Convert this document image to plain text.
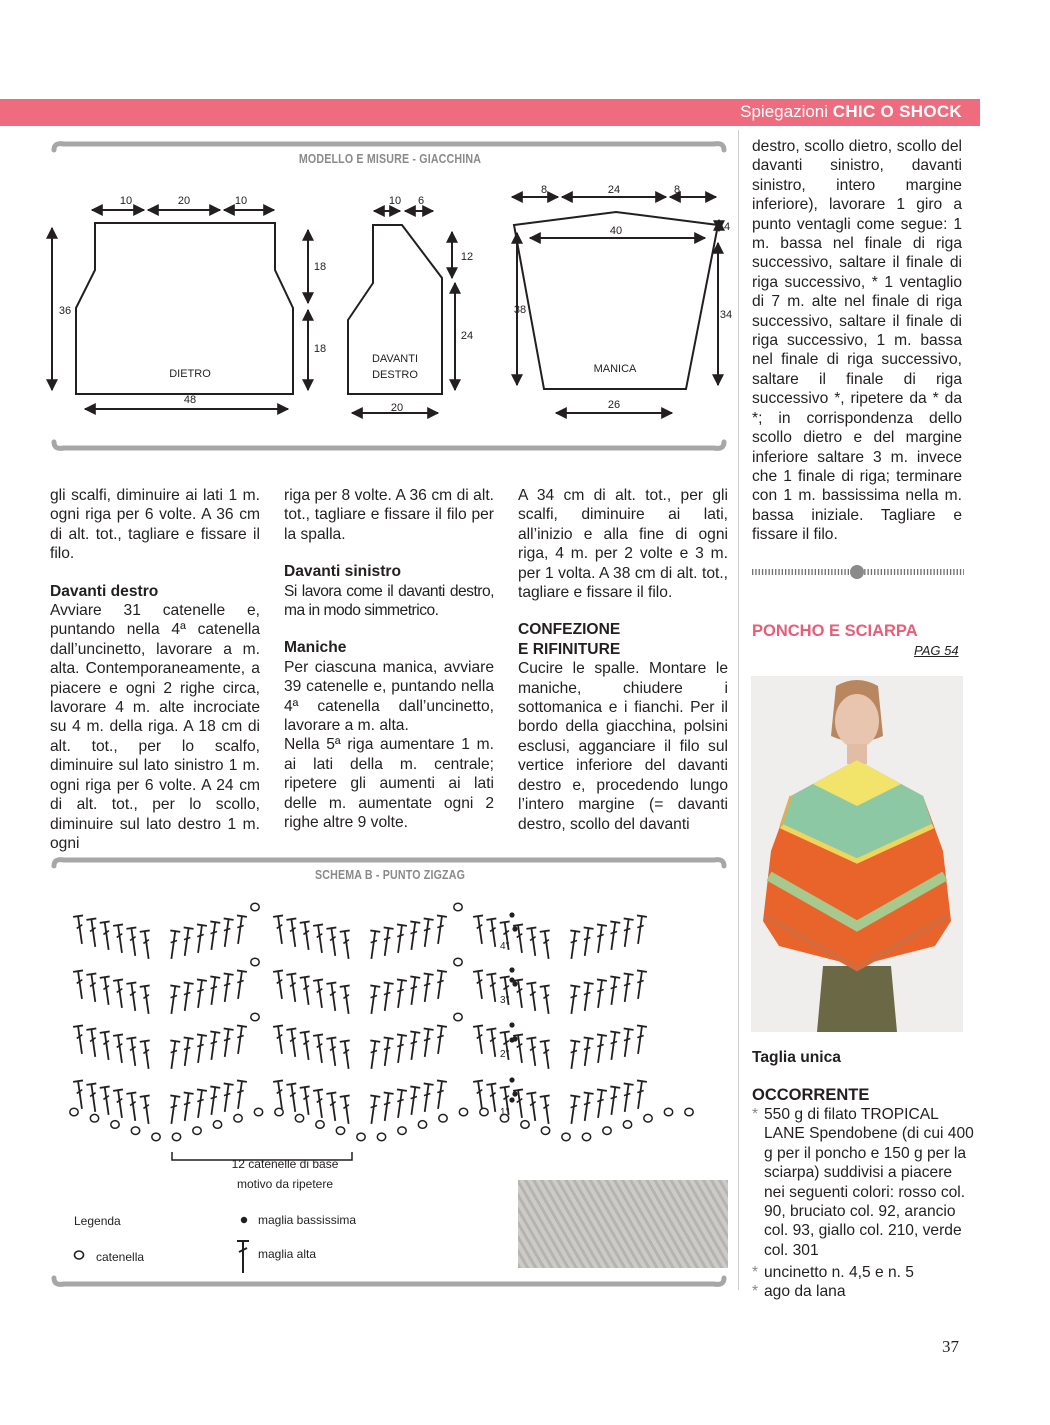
Spiegazioni CHIC O SHOCK
MODELLO E MISURE - GIACCHINA
10	20	10
36
18
18
DIETRO
48
10 6
12
24
DAVANTI
DESTRO
20
8	24	8
40	4
38	34
MANICA
26

gli scalfi, diminuire ai lati 1 m. ogni riga per 6 volte. A 36 cm di alt. tot., tagliare e fissare il filo.

Davanti destro

Avviare 31 catenelle e, puntando nella 4ª catenella dall’uncinetto, lavorare a m. alta. Contemporaneamente, a piacere e ogni 2 righe circa, lavorare 4 m. alte incrociate su 4 m. della riga. A 18 cm di alt. tot., per lo scalfo, diminuire sul lato sinistro 1 m. ogni riga per 6 volte. A 24 cm di alt. tot., per lo scollo, diminuire sul lato destro 1 m. ogni

riga per 8 volte. A 36 cm di alt. tot., tagliare e fissare il filo per la spalla.

Davanti sinistro

Si lavora come il davanti destro, ma in modo simmetrico.

Maniche

Per ciascuna manica, avviare 39 catenelle e, puntando nella 4ª catenella dall’uncinetto, lavorare a m. alta.

Nella 5ª riga aumentare 1 m. ai lati della m. centrale; ripetere gli aumenti ai lati delle m. aumentate ogni 2 righe altre 9 volte.

A 34 cm di alt. tot., per gli scalfi, diminuire ai lati, all’inizio e alla fine di ogni riga, 4 m. per 2 volte e 3 m. per 1 volta. A 38 cm di alt. tot., tagliare e fissare il filo.

CONFEZIONE
E RIFINITURE

Cucire le spalle. Montare le maniche, chiudere i sottomanica e i fianchi. Per il bordo della giacchina, polsini esclusi, agganciare il filo sul vertice inferiore del davanti destro e, procedendo lungo l’intero margine (= davanti destro, scollo del davanti

destro, scollo dietro, scollo del davanti sinistro, davanti sinistro, intero margine inferiore), lavorare 1 giro a punto ventagli come segue: 1 m. bassa nel finale di riga successivo, saltare il finale di riga successivo, * 1 ventaglio di 7 m. alte nel finale di riga successivo, saltare il finale di riga successivo, 1 m. bassa nel finale di riga successivo, saltare il finale di riga successivo *, ripetere da * da *; in corrispondenza dello scollo dietro e del margine inferiore saltare 3 m. invece che 1 finale di riga; terminare con 1 m. bassissima nella m. bassa iniziale. Tagliare e fissare il filo.

PONCHO E SCIARPA
PAG 54
Taglia unica
OCCORRENTE
* 550 g di filato TROPICAL LANE Spendobene (di cui 400 g per il poncho e 150 g per la sciarpa) suddivisi a piacere nei seguenti colori: rosso col. 90, bruciato col. 92, arancio col. 93, giallo col. 210, verde col. 301
* uncinetto n. 4,5 e n. 5
* ago da lana
SCHEMA B - PUNTO ZIGZAG
4°
3°
2°
1°
12 catenelle di base
motivo da ripetere
Legenda
catenella
maglia bassissima
maglia alta
37
